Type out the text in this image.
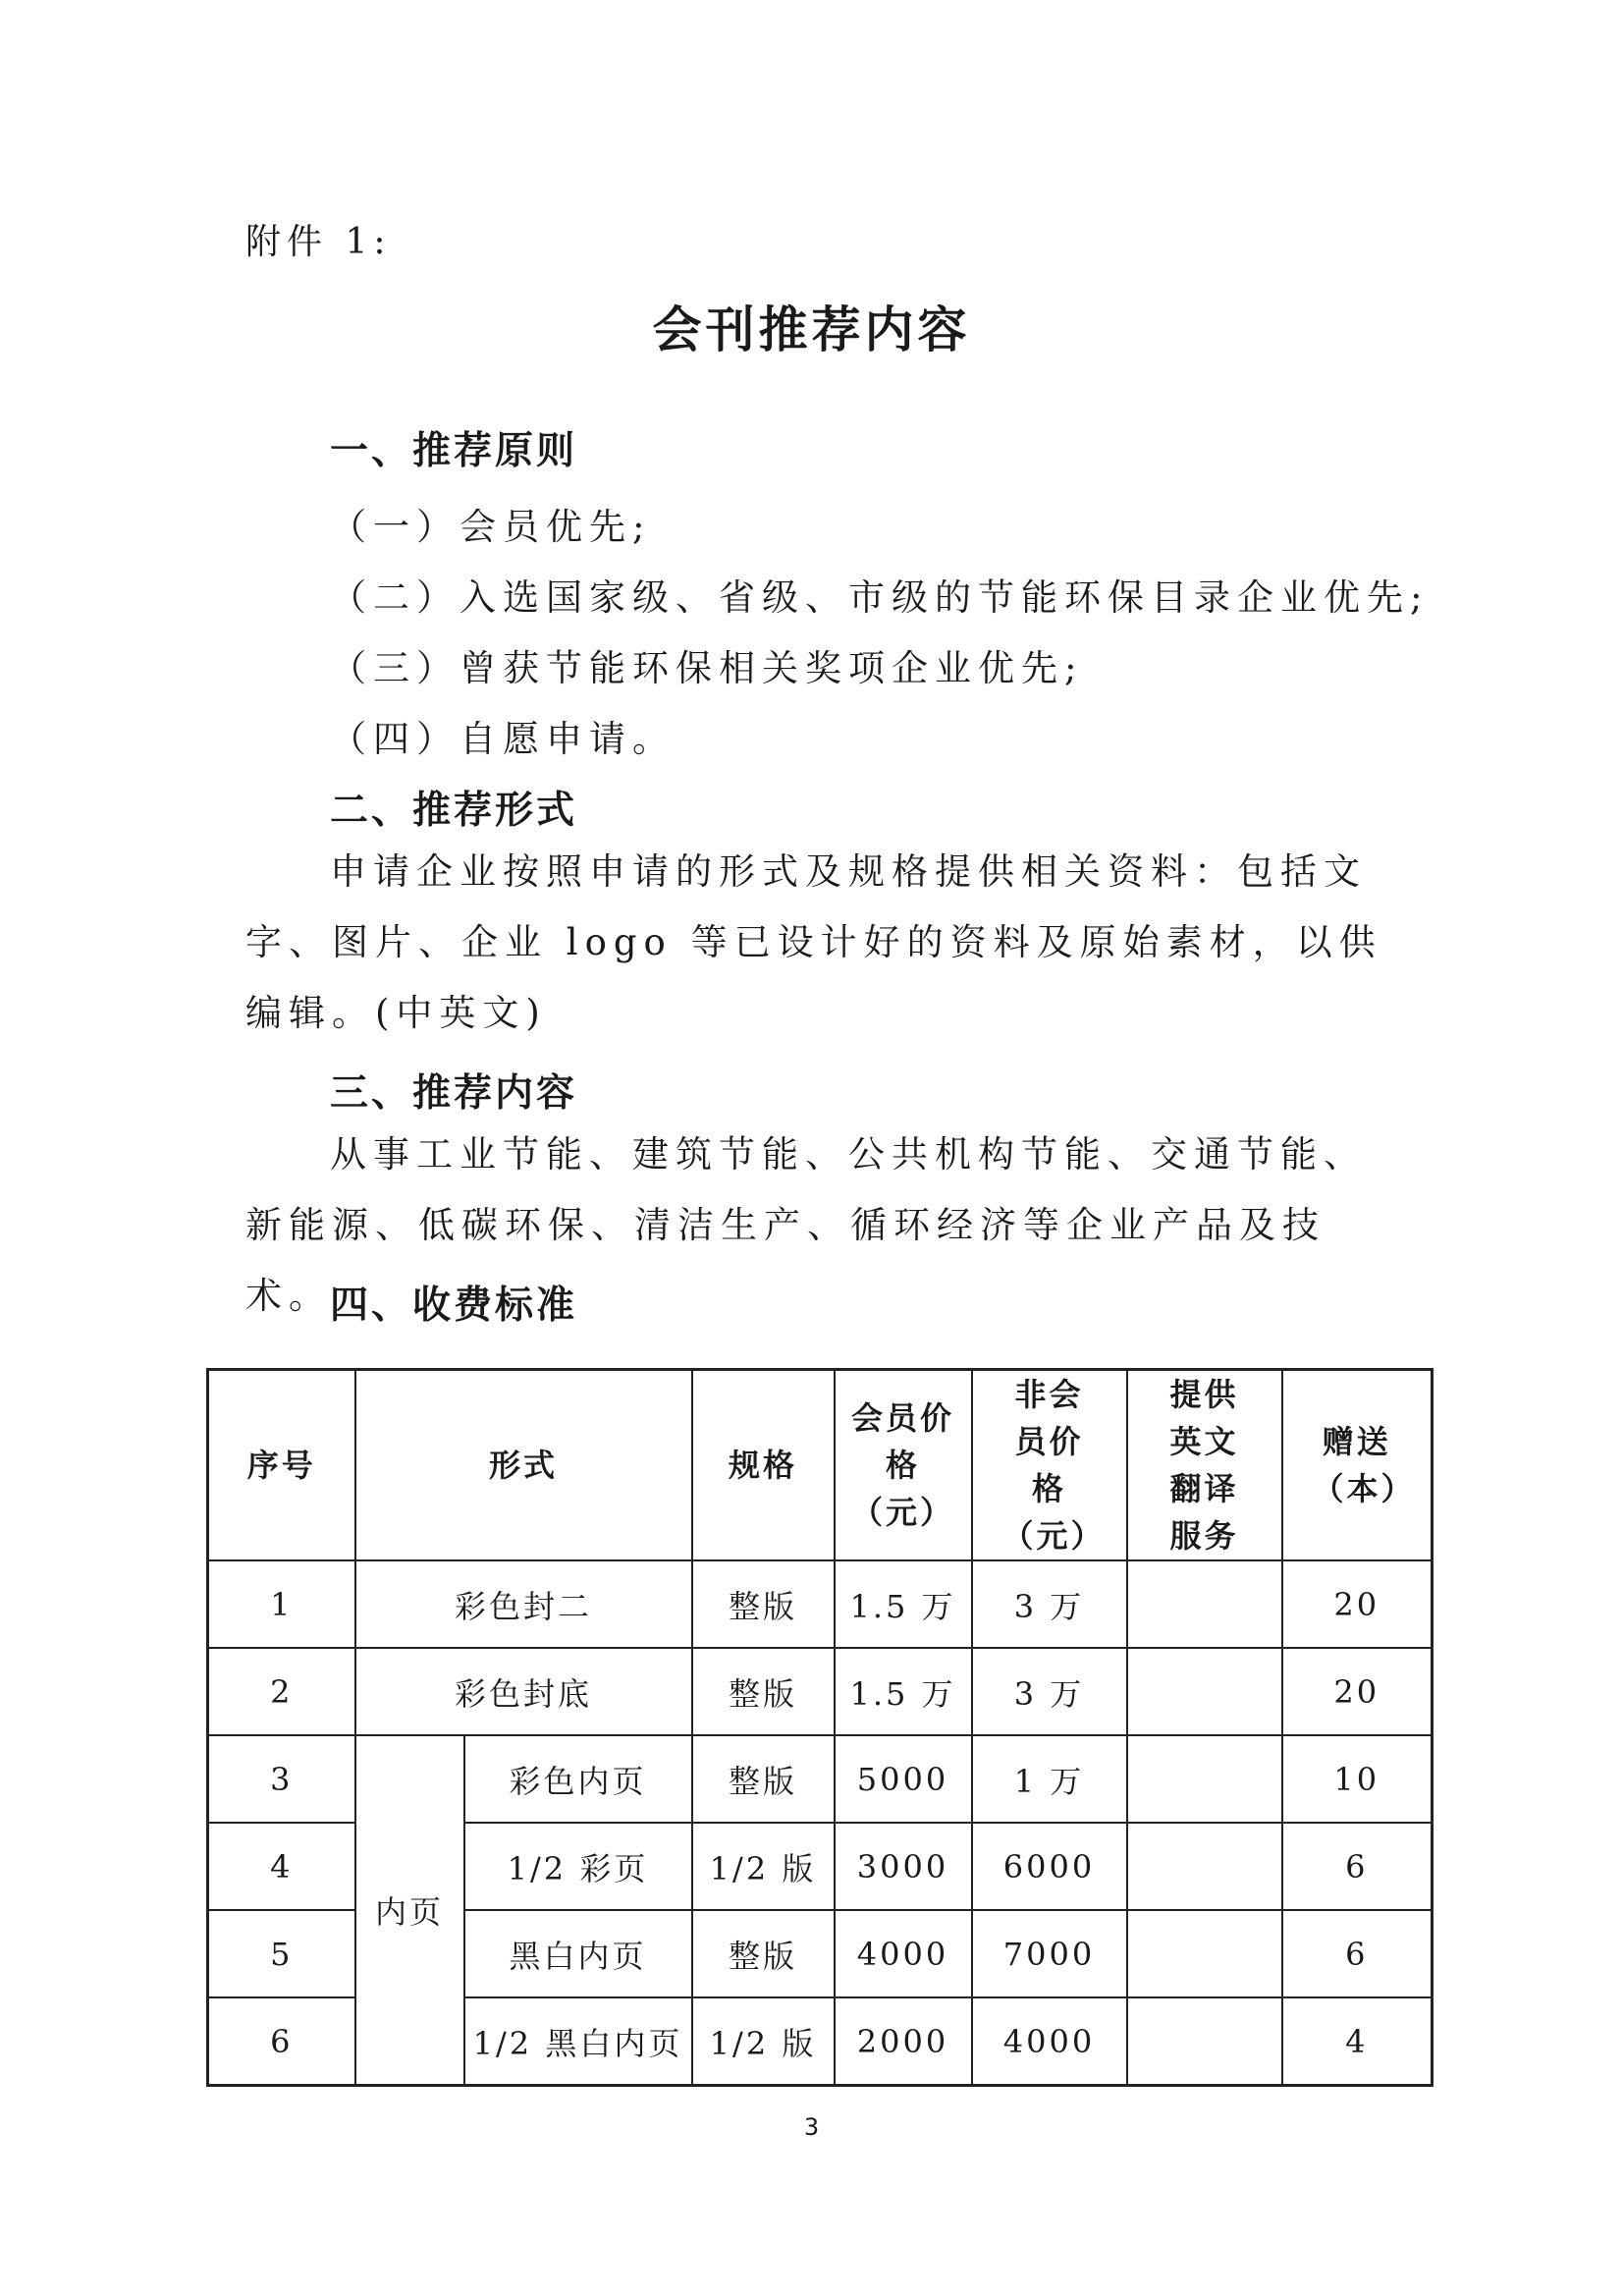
附件 1:
会刊推荐内容
一、推荐原则
（一）会员优先;
（二）入选国家级、省级、市级的节能环保目录企业优先;
（三）曾获节能环保相关奖项企业优先;
（四）自愿申请。
二、推荐形式
申请企业按照申请的形式及规格提供相关资料：包括文字、图片、企业 logo 等已设计好的资料及原始素材，以供编辑。(中英文)
三、推荐内容
从事工业节能、建筑节能、公共机构节能、交通节能、新能源、低碳环保、清洁生产、循环经济等企业产品及技术。
四、收费标准
序号	形式		规格	会员价格（元）	非会员价格（元）	提供英文翻译服务	赠送（本）
1	彩色封二		整版	1.5 万	3 万		20
2	彩色封底		整版	1.5 万	3 万		20
3	内页	彩色内页	整版	5000	1 万		10
4		1/2 彩页	1/2 版	3000	6000		6
5		黑白内页	整版	4000	7000		6
6		1/2 黑白内页	1/2 版	2000	4000		4
3
